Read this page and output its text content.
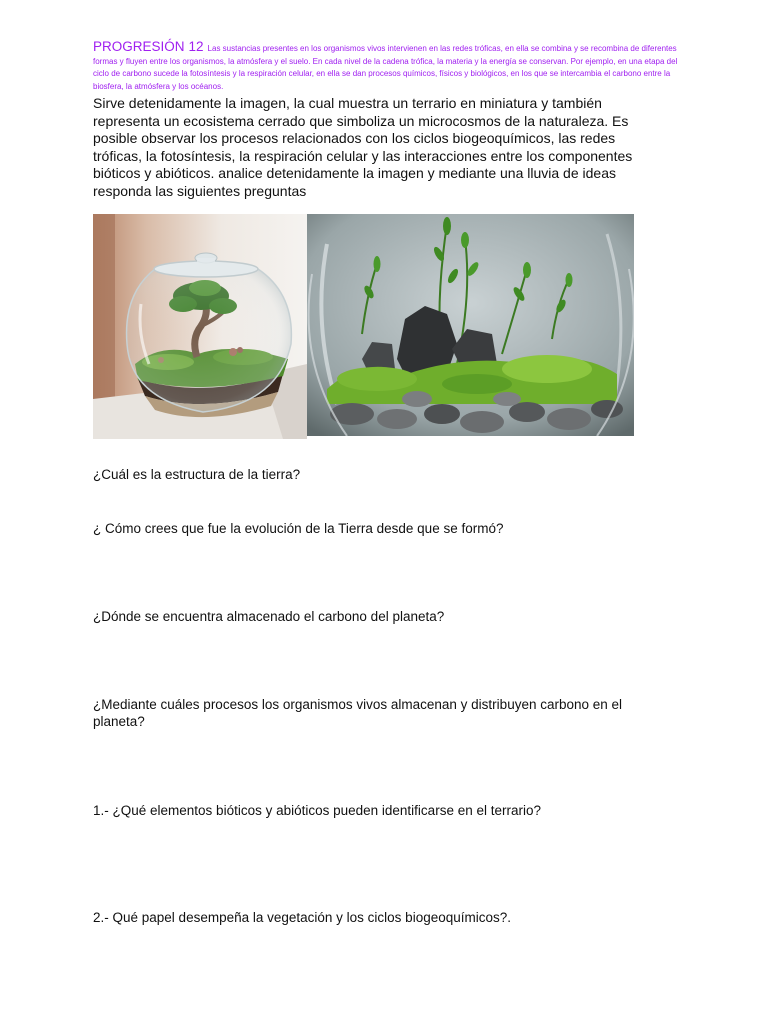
PROGRESIÓN 12 Las sustancias presentes en los organismos vivos intervienen en las redes tróficas, en ella se combina y se recombina de diferentes formas y fluyen entre los organismos, la atmósfera y el suelo. En cada nivel de la cadena trófica, la materia y la energía se conservan. Por ejemplo, en una etapa del ciclo de carbono sucede la fotosíntesis y la respiración celular, en ella se dan procesos químicos, físicos y biológicos, en los que se intercambia el carbono entre la biosfera, la atmósfera y los océanos.
Sirve detenidamente la imagen, la cual muestra un terrario en miniatura y también representa un ecosistema cerrado que simboliza un microcosmos de la naturaleza. Es posible observar los procesos relacionados con los ciclos biogeoquímicos, las redes tróficas, la fotosíntesis, la respiración celular y las interacciones entre los componentes bióticos y abióticos. analice detenidamente la imagen y mediante una lluvia de ideas responda las siguientes preguntas
¿Cuál es la estructura de la tierra?
¿ Cómo crees que fue la evolución de la Tierra desde que se formó?
¿Dónde se encuentra almacenado el carbono del planeta?
¿Mediante cuáles procesos los organismos vivos almacenan y distribuyen carbono en el planeta?
1.- ¿Qué elementos bióticos y abióticos pueden identificarse en el terrario?
2.- Qué papel desempeña la vegetación y los ciclos biogeoquímicos?.
